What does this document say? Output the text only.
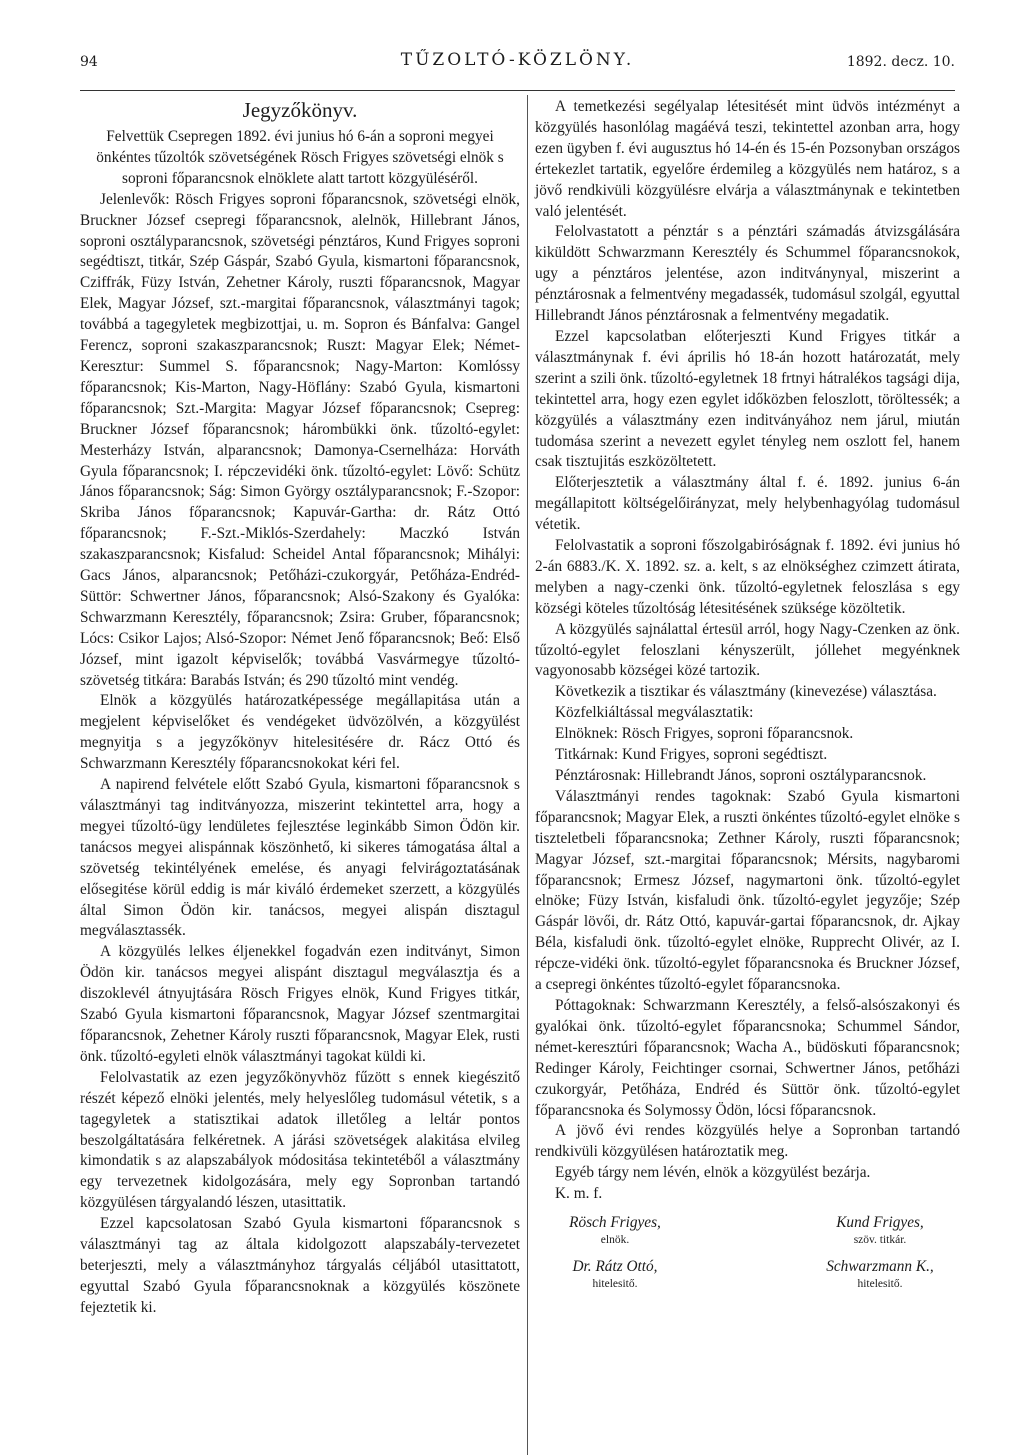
94	TŰZOLTÓ-KÖZLÖNY.	1892. decz. 10.
Jegyzőkönyv.

Felvettük Csepregen 1892. évi junius hó 6-án a soproni megyei önkéntes tűzoltók szövetségének Rösch Frigyes szövetségi elnök s soproni főparancsnok elnöklete alatt tartott közgyüléséről.

Jelenlevők: Rösch Frigyes soproni főparancsnok, szövetségi elnök, Bruckner József csepregi főparancsnok, alelnök, Hillebrant János, soproni osztályparancsnok, szövetségi pénztáros, Kund Frigyes soproni segédtiszt, titkár, Szép Gáspár, Szabó Gyula, kismartoni főparancsnok, Cziffrák, Füzy István, Zehetner Károly, ruszti főparancsnok, Magyar Elek, Magyar József, szt.-margitai főparancsnok, választmányi tagok; továbbá a tagegyletek megbizottjai, u. m. Sopron és Bánfalva: Gangel Ferencz, soproni szakaszparancsnok; Ruszt: Magyar Elek; Német-Keresztur: Summel S. főparancsnok; Nagy-Marton: Komlóssy főparancsnok; Kis-Marton, Nagy-Höflány: Szabó Gyula, kismartoni főparancsnok; Szt.-Margita: Magyar József főparancsnok; Csepreg: Bruckner József főparancsnok; hárombükki önk. tűzoltó-egylet: Mesterházy István, alparancsnok; Damonya-Csernelháza: Horváth Gyula főparancsnok; I. répczevidéki önk. tűzoltó-egylet: Lövő: Schütz János főparancsnok; Ság: Simon György osztályparancsnok; F.-Szopor: Skriba János főparancsnok; Kapuvár-Gartha: dr. Rátz Ottó főparancsnok; F.-Szt.-Miklós-Szerdahely: Maczkó István szakaszparancsnok; Kisfalud: Scheidel Antal főparancsnok; Mihályi: Gacs János, alparancsnok; Petőházi-czukorgyár, Petőháza-Endréd-Süttör: Schwertner János, főparancsnok; Alsó-Szakony és Gyalóka: Schwarzmann Keresztély, főparancsnok; Zsira: Gruber, főparancsnok; Lócs: Csikor Lajos; Alsó-Szopor: Német Jenő főparancsnok; Beő: Első József, mint igazolt képviselők; továbbá Vasvármegye tűzoltó-szövetség titkára: Barabás István; és 290 tűzoltó mint vendég.

Elnök a közgyülés határozatképessége megállapitása után a megjelent képviselőket és vendégeket üdvözölvén, a közgyülést megnyitja s a jegyzőkönyv hitelesitésére dr. Rácz Ottó és Schwarzmann Keresztély főparancsnokokat kéri fel.

A napirend felvétele előtt Szabó Gyula, kismartoni főparancsnok s választmányi tag inditványozza, miszerint tekintettel arra, hogy a megyei tűzoltó-ügy lendületes fejlesztése leginkább Simon Ödön kir. tanácsos megyei alispánnak köszönhető, ki sikeres támogatása által a szövetség tekintélyének emelése, és anyagi felvirágoztatásának elősegitése körül eddig is már kiváló érdemeket szerzett, a közgyülés által Simon Ödön kir. tanácsos, megyei alispán disztagul megválasztassék.

A közgyülés lelkes éljenekkel fogadván ezen inditványt, Simon Ödön kir. tanácsos megyei alispánt disztagul megválasztja és a diszoklevél átnyujtására Rösch Frigyes elnök, Kund Frigyes titkár, Szabó Gyula kismartoni főparancsnok, Magyar József szentmargitai főparancsnok, Zehetner Károly ruszti főparancsnok, Magyar Elek, rusti önk. tűzoltó-egyleti elnök választmányi tagokat küldi ki.

Felolvastatik az ezen jegyzőkönyvhöz fűzött s ennek kiegészitő részét képező elnöki jelentés, mely helyeslőleg tudomásul vétetik, s a tagegyletek a statisztikai adatok illetőleg a leltár pontos beszolgáltatására felkéretnek. A járási szövetségek alakitása elvileg kimondatik s az alapszabályok módositása tekintetéből a választmány egy tervezetnek kidolgozására, mely egy Sopronban tartandó közgyülésen tárgyalandó lészen, utasittatik.

Ezzel kapcsolatosan Szabó Gyula kismartoni főparancsnok s választmányi tag az általa kidolgozott alapszabály-tervezetet beterjeszti, mely a választmányhoz tárgyalás céljából utasittatott, egyuttal Szabó Gyula főparancsnoknak a közgyülés köszönete fejeztetik ki.

A temetkezési segélyalap létesitését mint üdvös intézményt a közgyülés hasonlólag magáévá teszi, tekintettel azonban arra, hogy ezen ügyben f. évi augusztus hó 14-én és 15-én Pozsonyban országos értekezlet tartatik, egyelőre érdemileg a közgyülés nem határoz, s a jövő rendkivüli közgyülésre elvárja a választmánynak e tekintetben való jelentését.

Felolvastatott a pénztár s a pénztári számadás átvizsgálására kiküldött Schwarzmann Keresztély és Schummel főparancsnokok, ugy a pénztáros jelentése, azon inditványnyal, miszerint a pénztárosnak a felmentvény megadassék, tudomásul szolgál, egyuttal Hillebrandt János pénztárosnak a felmentvény megadatik.

Ezzel kapcsolatban előterjeszti Kund Frigyes titkár a választmánynak f. évi április hó 18-án hozott határozatát, mely szerint a szili önk. tűzoltó-egyletnek 18 frtnyi hátralékos tagsági dija, tekintettel arra, hogy ezen egylet időközben feloszlott, töröltessék; a közgyülés a választmány ezen inditványához nem járul, miután tudomása szerint a nevezett egylet tényleg nem oszlott fel, hanem csak tisztujitás eszközöltetett.

Előterjesztetik a választmány által f. é. 1892. junius 6-án megállapitott költségelőirányzat, mely helybenhagyólag tudomásul vétetik.

Felolvastatik a soproni főszolgabiróságnak f. 1892. évi junius hó 2-án 6883./K. X. 1892. sz. a. kelt, s az elnökséghez czimzett átirata, melyben a nagy-czenki önk. tűzoltó-egyletnek feloszlása s egy községi köteles tűzoltóság létesitésének szüksége közöltetik.

A közgyülés sajnálattal értesül arról, hogy Nagy-Czenken az önk. tűzoltó-egylet feloszlani kényszerült, jóllehet megyénknek vagyonosabb községei közé tartozik.

Következik a tisztikar és választmány (kinevezése) választása.

Közfelkiáltással megválasztatik:

Elnöknek: Rösch Frigyes, soproni főparancsnok.

Titkárnak: Kund Frigyes, soproni segédtiszt.

Pénztárosnak: Hillebrandt János, soproni osztályparancsnok.

Választmányi rendes tagoknak: Szabó Gyula kismartoni főparancsnok; Magyar Elek, a ruszti önkéntes tűzoltó-egylet elnöke s tiszteletbeli főparancsnoka; Zethner Károly, ruszti főparancsnok; Magyar József, szt.-margitai főparancsnok; Mérsits, nagybaromi főparancsnok; Ermesz József, nagymartoni önk. tűzoltó-egylet elnöke; Füzy István, kisfaludi önk. tűzoltó-egylet jegyzője; Szép Gáspár lövői, dr. Rátz Ottó, kapuvár-gartai főparancsnok, dr. Ajkay Béla, kisfaludi önk. tűzoltó-egylet elnöke, Rupprecht Olivér, az I. répcze-vidéki önk. tűzoltó-egylet főparancsnoka és Bruckner József, a csepregi önkéntes tűzoltó-egylet főparancsnoka.

Póttagoknak: Schwarzmann Keresztély, a felső-alsószakonyi és gyalókai önk. tűzoltó-egylet főparancsnoka; Schummel Sándor, német-keresztúri főparancsnok; Wacha A., büdöskuti főparancsnok; Redinger Károly, Feichtinger csornai, Schwertner János, petőházi czukorgyár, Petőháza, Endréd és Süttör önk. tűzoltó-egylet főparancsnoka és Solymossy Ödön, lócsi főparancsnok.

A jövő évi rendes közgyülés helye a Sopronban tartandó rendkivüli közgyülésen határoztatik meg.

Egyéb tárgy nem lévén, elnök a közgyülést bezárja.

K. m. f.

Rösch Frigyes,
elnök.
Kund Frigyes,
szöv. titkár.
Dr. Rátz Ottó,
hitelesitő.
Schwarzmann K.,
hitelesitő.
